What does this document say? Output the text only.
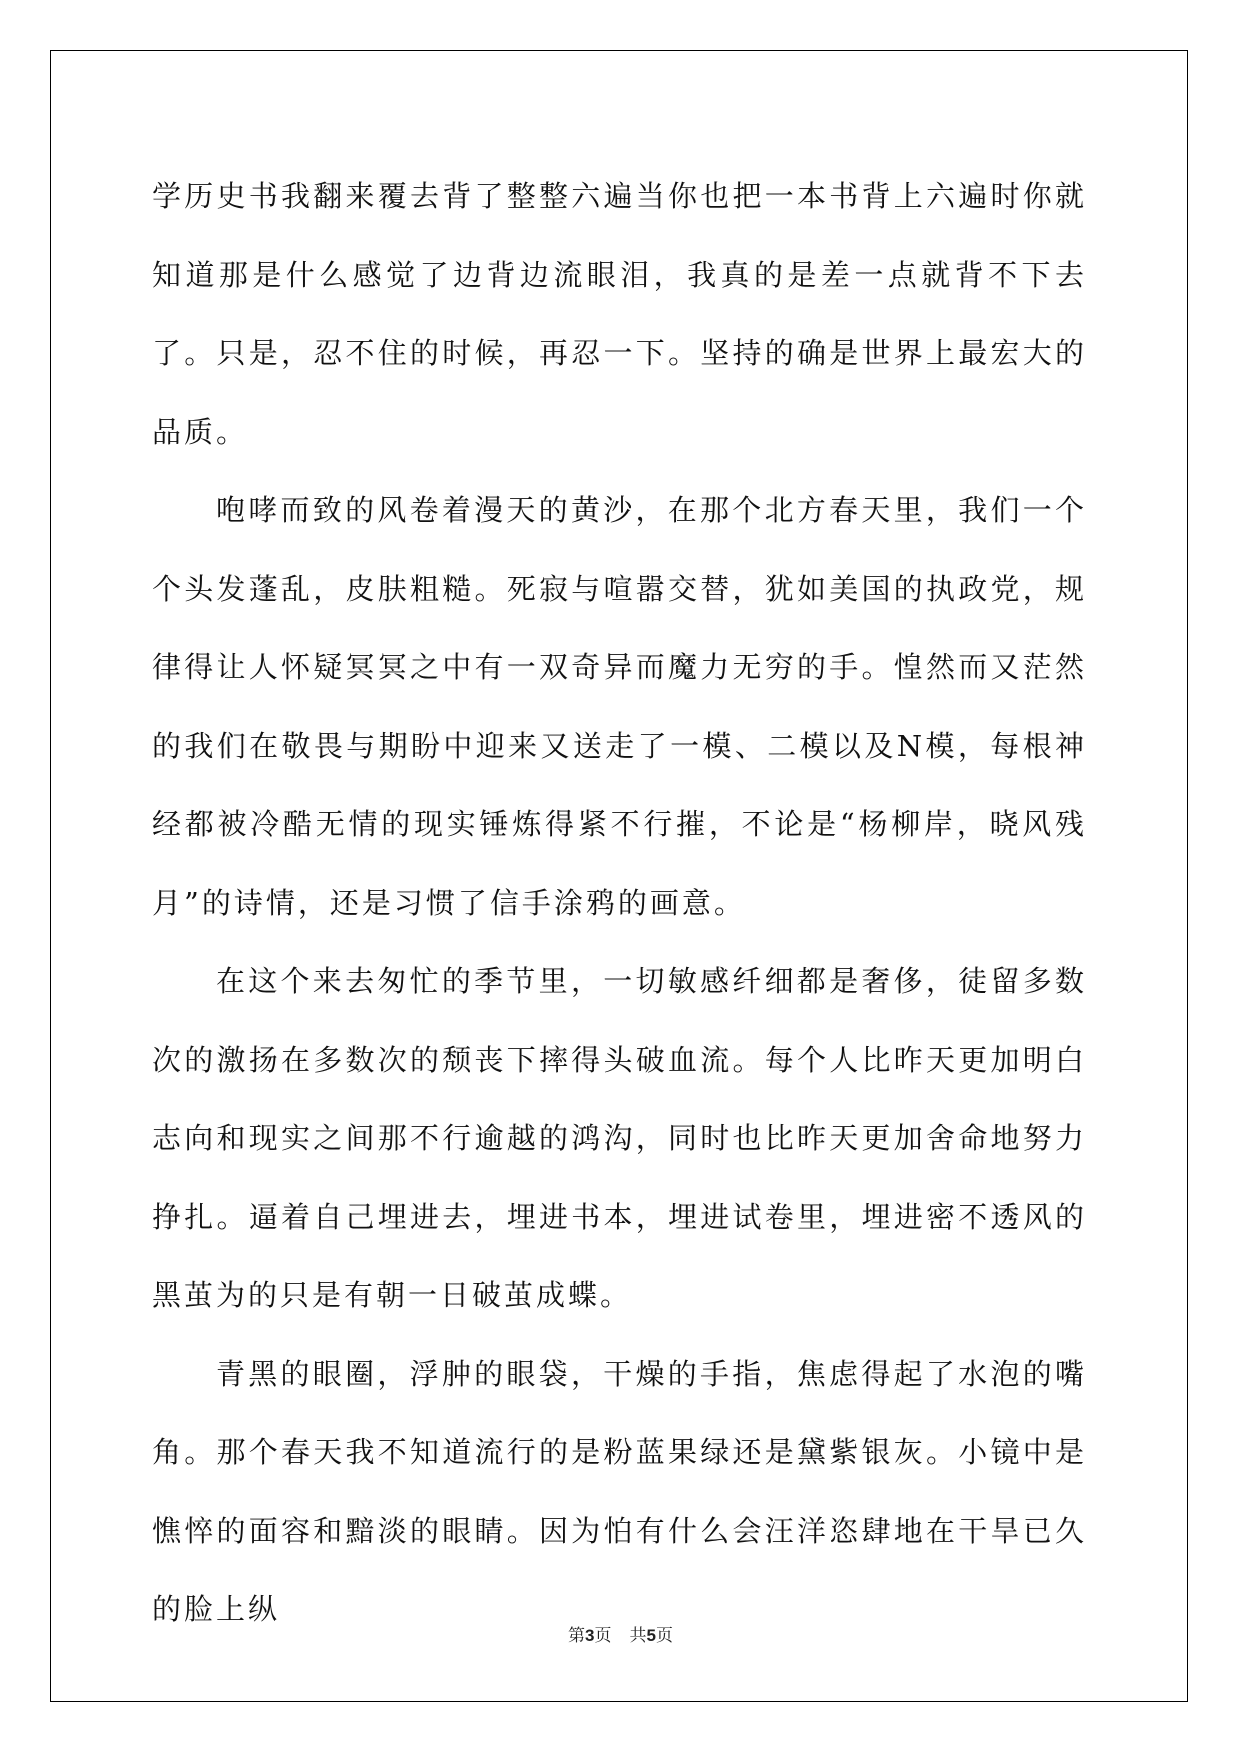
学历史书我翻来覆去背了整整六遍当你也把一本书背上六遍时你就知道那是什么感觉了边背边流眼泪，我真的是差一点就背不下去了。只是，忍不住的时候，再忍一下。坚持的确是世界上最宏大的品质。

咆哮而致的风卷着漫天的黄沙，在那个北方春天里，我们一个个头发蓬乱，皮肤粗糙。死寂与喧嚣交替，犹如美国的执政党，规律得让人怀疑冥冥之中有一双奇异而魔力无穷的手。惶然而又茫然的我们在敬畏与期盼中迎来又送走了一模、二模以及N模，每根神经都被冷酷无情的现实锤炼得紧不行摧，不论是“杨柳岸，晓风残月”的诗情，还是习惯了信手涂鸦的画意。

在这个来去匆忙的季节里，一切敏感纤细都是奢侈，徒留多数次的激扬在多数次的颓丧下摔得头破血流。每个人比昨天更加明白志向和现实之间那不行逾越的鸿沟，同时也比昨天更加舍命地努力挣扎。逼着自己埋进去，埋进书本，埋进试卷里，埋进密不透风的黑茧为的只是有朝一日破茧成蝶。

青黑的眼圈，浮肿的眼袋，干燥的手指，焦虑得起了水泡的嘴角。那个春天我不知道流行的是粉蓝果绿还是黛紫银灰。小镜中是憔悴的面容和黯淡的眼睛。因为怕有什么会汪洋恣肆地在干旱已久的脸上纵

第3页 共5页
